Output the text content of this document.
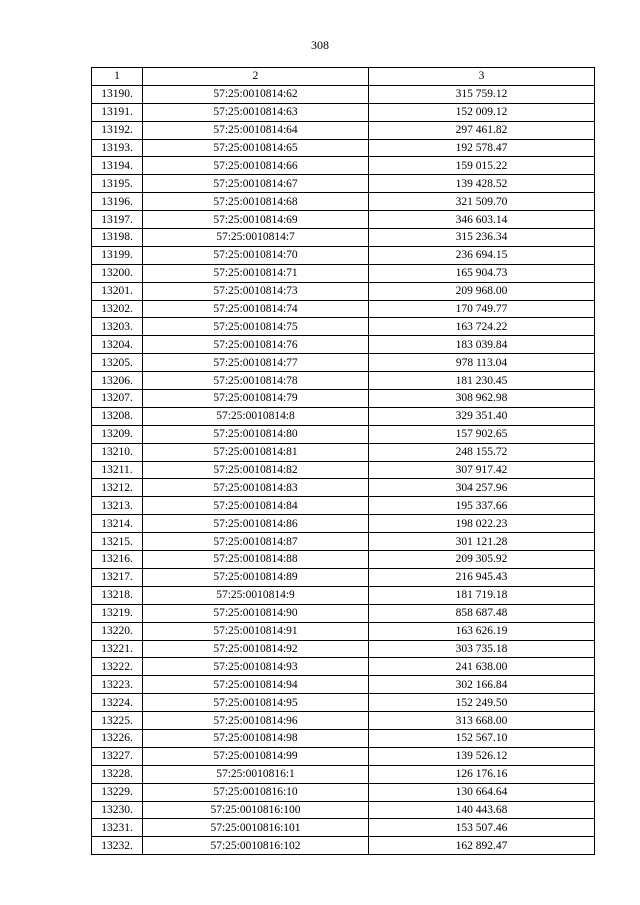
308
1	2	3
13190.	57:25:0010814:62	315 759.12
13191.	57:25:0010814:63	152 009.12
13192.	57:25:0010814:64	297 461.82
13193.	57:25:0010814:65	192 578.47
13194.	57:25:0010814:66	159 015.22
13195.	57:25:0010814:67	139 428.52
13196.	57:25:0010814:68	321 509.70
13197.	57:25:0010814:69	346 603.14
13198.	57:25:0010814:7	315 236.34
13199.	57:25:0010814:70	236 694.15
13200.	57:25:0010814:71	165 904.73
13201.	57:25:0010814:73	209 968.00
13202.	57:25:0010814:74	170 749.77
13203.	57:25:0010814:75	163 724.22
13204.	57:25:0010814:76	183 039.84
13205.	57:25:0010814:77	978 113.04
13206.	57:25:0010814:78	181 230.45
13207.	57:25:0010814:79	308 962.98
13208.	57:25:0010814:8	329 351.40
13209.	57:25:0010814:80	157 902.65
13210.	57:25:0010814:81	248 155.72
13211.	57:25:0010814:82	307 917.42
13212.	57:25:0010814:83	304 257.96
13213.	57:25:0010814:84	195 337.66
13214.	57:25:0010814:86	198 022.23
13215.	57:25:0010814:87	301 121.28
13216.	57:25:0010814:88	209 305.92
13217.	57:25:0010814:89	216 945.43
13218.	57:25:0010814:9	181 719.18
13219.	57:25:0010814:90	858 687.48
13220.	57:25:0010814:91	163 626.19
13221.	57:25:0010814:92	303 735.18
13222.	57:25:0010814:93	241 638.00
13223.	57:25:0010814:94	302 166.84
13224.	57:25:0010814:95	152 249.50
13225.	57:25:0010814:96	313 668.00
13226.	57:25:0010814:98	152 567.10
13227.	57:25:0010814:99	139 526.12
13228.	57:25:0010816:1	126 176.16
13229.	57:25:0010816:10	130 664.64
13230.	57:25:0010816:100	140 443.68
13231.	57:25:0010816:101	153 507.46
13232.	57:25:0010816:102	162 892.47
